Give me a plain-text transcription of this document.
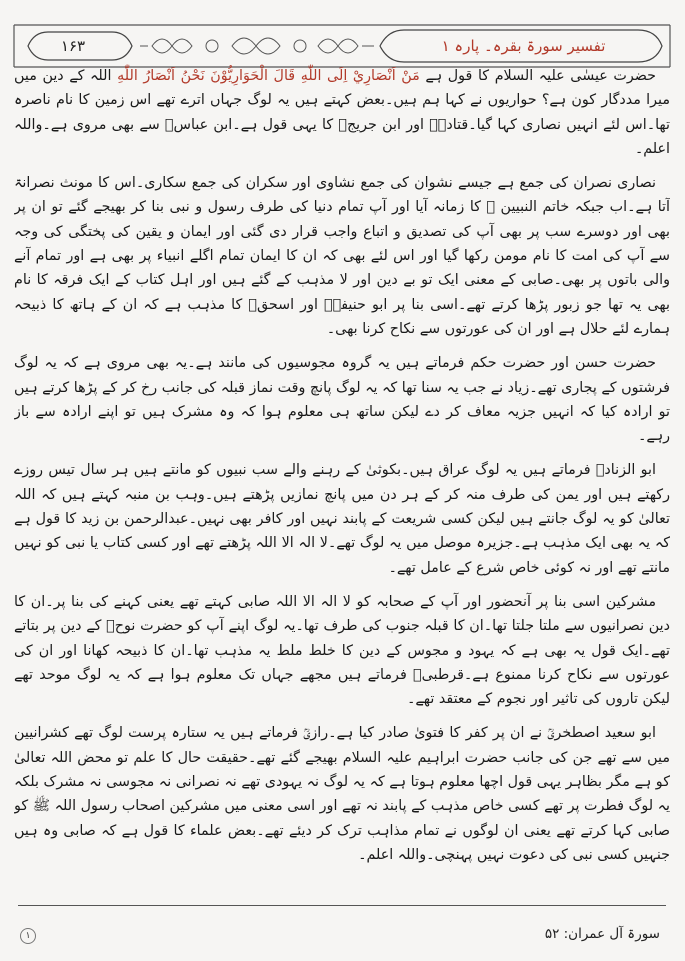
۱۶۳	تفسیر سورۃ بقرہ۔ پارہ ۱

حضرت عیسٰی علیہ السلام کا قول ہے مَنْ اَنْصَارِيْ اِلَى اللّٰهِ قَالَ الْحَوَارِيُّوْنَ نَحْنُ اَنْصَارُ اللّٰهِ اللہ کے دین میں میرا مددگار کون ہے؟ حواریوں نے کہا ہم ہیں۔بعض کہتے ہیں یہ لوگ جہاں اترے تھے اس زمین کا نام ناصرہ تھا۔اس لئے انہیں نصاری کہا گیا۔قتادہؒ اور ابن جریجؒ کا یہی قول ہے۔ابن عباسؓ سے بھی مروی ہے۔واللہ اعلم۔

نصاری نصران کی جمع ہے جیسے نشوان کی جمع نشاوی اور سکران کی جمع سکاری۔اس کا مونث نصرانۃ آتا ہے۔اب جبکہ خاتم النبیین ﷺ کا زمانہ آیا اور آپ تمام دنیا کی طرف رسول و نبی بنا کر بھیجے گئے تو ان پر بھی اور دوسرے سب پر بھی آپ کی تصدیق و اتباع واجب قرار دی گئی اور ایمان و یقین کی پختگی کی وجہ سے آپ کی امت کا نام مومن رکھا گیا اور اس لئے بھی کہ ان کا ایمان تمام اگلے انبیاء پر بھی ہے اور تمام آنے والی باتوں پر بھی۔صابی کے معنی ایک تو بے دین اور لا مذہب کے گئے ہیں اور اہل کتاب کے ایک فرقہ کا نام بھی یہ تھا جو زبور پڑھا کرتے تھے۔اسی بنا پر ابو حنیفہؒ اور اسحقؒ کا مذہب ہے کہ ان کے ہاتھ کا ذبیحہ ہمارے لئے حلال ہے اور ان کی عورتوں سے نکاح کرنا بھی۔

حضرت حسن اور حضرت حکم فرماتے ہیں یہ گروہ مجوسیوں کی مانند ہے۔یہ بھی مروی ہے کہ یہ لوگ فرشتوں کے پجاری تھے۔زیاد نے جب یہ سنا تھا کہ یہ لوگ پانچ وقت نماز قبلہ کی جانب رخ کر کے پڑھا کرتے ہیں تو ارادہ کیا کہ انہیں جزیہ معاف کر دے لیکن ساتھ ہی معلوم ہوا کہ وہ مشرک ہیں تو اپنے ارادہ سے باز رہے۔

ابو الزنادؒ فرماتے ہیں یہ لوگ عراق ہیں۔بکوثیٰ کے رہنے والے سب نبیوں کو مانتے ہیں ہر سال تیس روزے رکھتے ہیں اور یمن کی طرف منہ کر کے ہر دن میں پانچ نمازیں پڑھتے ہیں۔وہب بن منبہ کہتے ہیں کہ اللہ تعالیٰ کو یہ لوگ جانتے ہیں لیکن کسی شریعت کے پابند نہیں اور کافر بھی نہیں۔عبدالرحمن بن زید کا قول ہے کہ یہ بھی ایک مذہب ہے۔جزیرہ موصل میں یہ لوگ تھے۔لا الہ الا اللہ پڑھتے تھے اور کسی کتاب یا نبی کو نہیں مانتے تھے اور نہ کوئی خاص شرع کے عامل تھے۔

مشرکین اسی بنا پر آنحضور اور آپ کے صحابہ کو لا الہ الا اللہ صابی کہتے تھے یعنی کہنے کی بنا پر۔ان کا دین نصرانیوں سے ملتا جلتا تھا۔ان کا قبلہ جنوب کی طرف تھا۔یہ لوگ اپنے آپ کو حضرت نوحؑ کے دین پر بتاتے تھے۔ایک قول یہ بھی ہے کہ یہود و مجوس کے دین کا خلط ملط یہ مذہب تھا۔ان کا ذبیحہ کھانا اور ان کی عورتوں سے نکاح کرنا ممنوع ہے۔قرطبیؒ فرماتے ہیں مجھے جہاں تک معلوم ہوا ہے کہ یہ لوگ موحد تھے لیکن تاروں کی تاثیر اور نجوم کے معتقد تھے۔

ابو سعید اصطخریؒ نے ان پر کفر کا فتویٰ صادر کیا ہے۔رازیؒ فرماتے ہیں یہ ستارہ پرست لوگ تھے کشرانیین میں سے تھے جن کی جانب حضرت ابراہیم علیہ السلام بھیجے گئے تھے۔حقیقت حال کا علم تو محض اللہ تعالیٰ کو ہے مگر بظاہر یہی قول اچھا معلوم ہوتا ہے کہ یہ لوگ نہ یہودی تھے نہ نصرانی نہ مجوسی نہ مشرک بلکہ یہ لوگ فطرت پر تھے کسی خاص مذہب کے پابند نہ تھے اور اسی معنی میں مشرکین اصحاب رسول اللہ ﷺ کو صابی کہا کرتے تھے یعنی ان لوگوں نے تمام مذاہب ترک کر دیئے تھے۔بعض علماء کا قول ہے کہ صابی وہ ہیں جنہیں کسی نبی کی دعوت نہیں پہنچی۔واللہ اعلم۔

۱	سورۃ آل عمران: ۵۲
